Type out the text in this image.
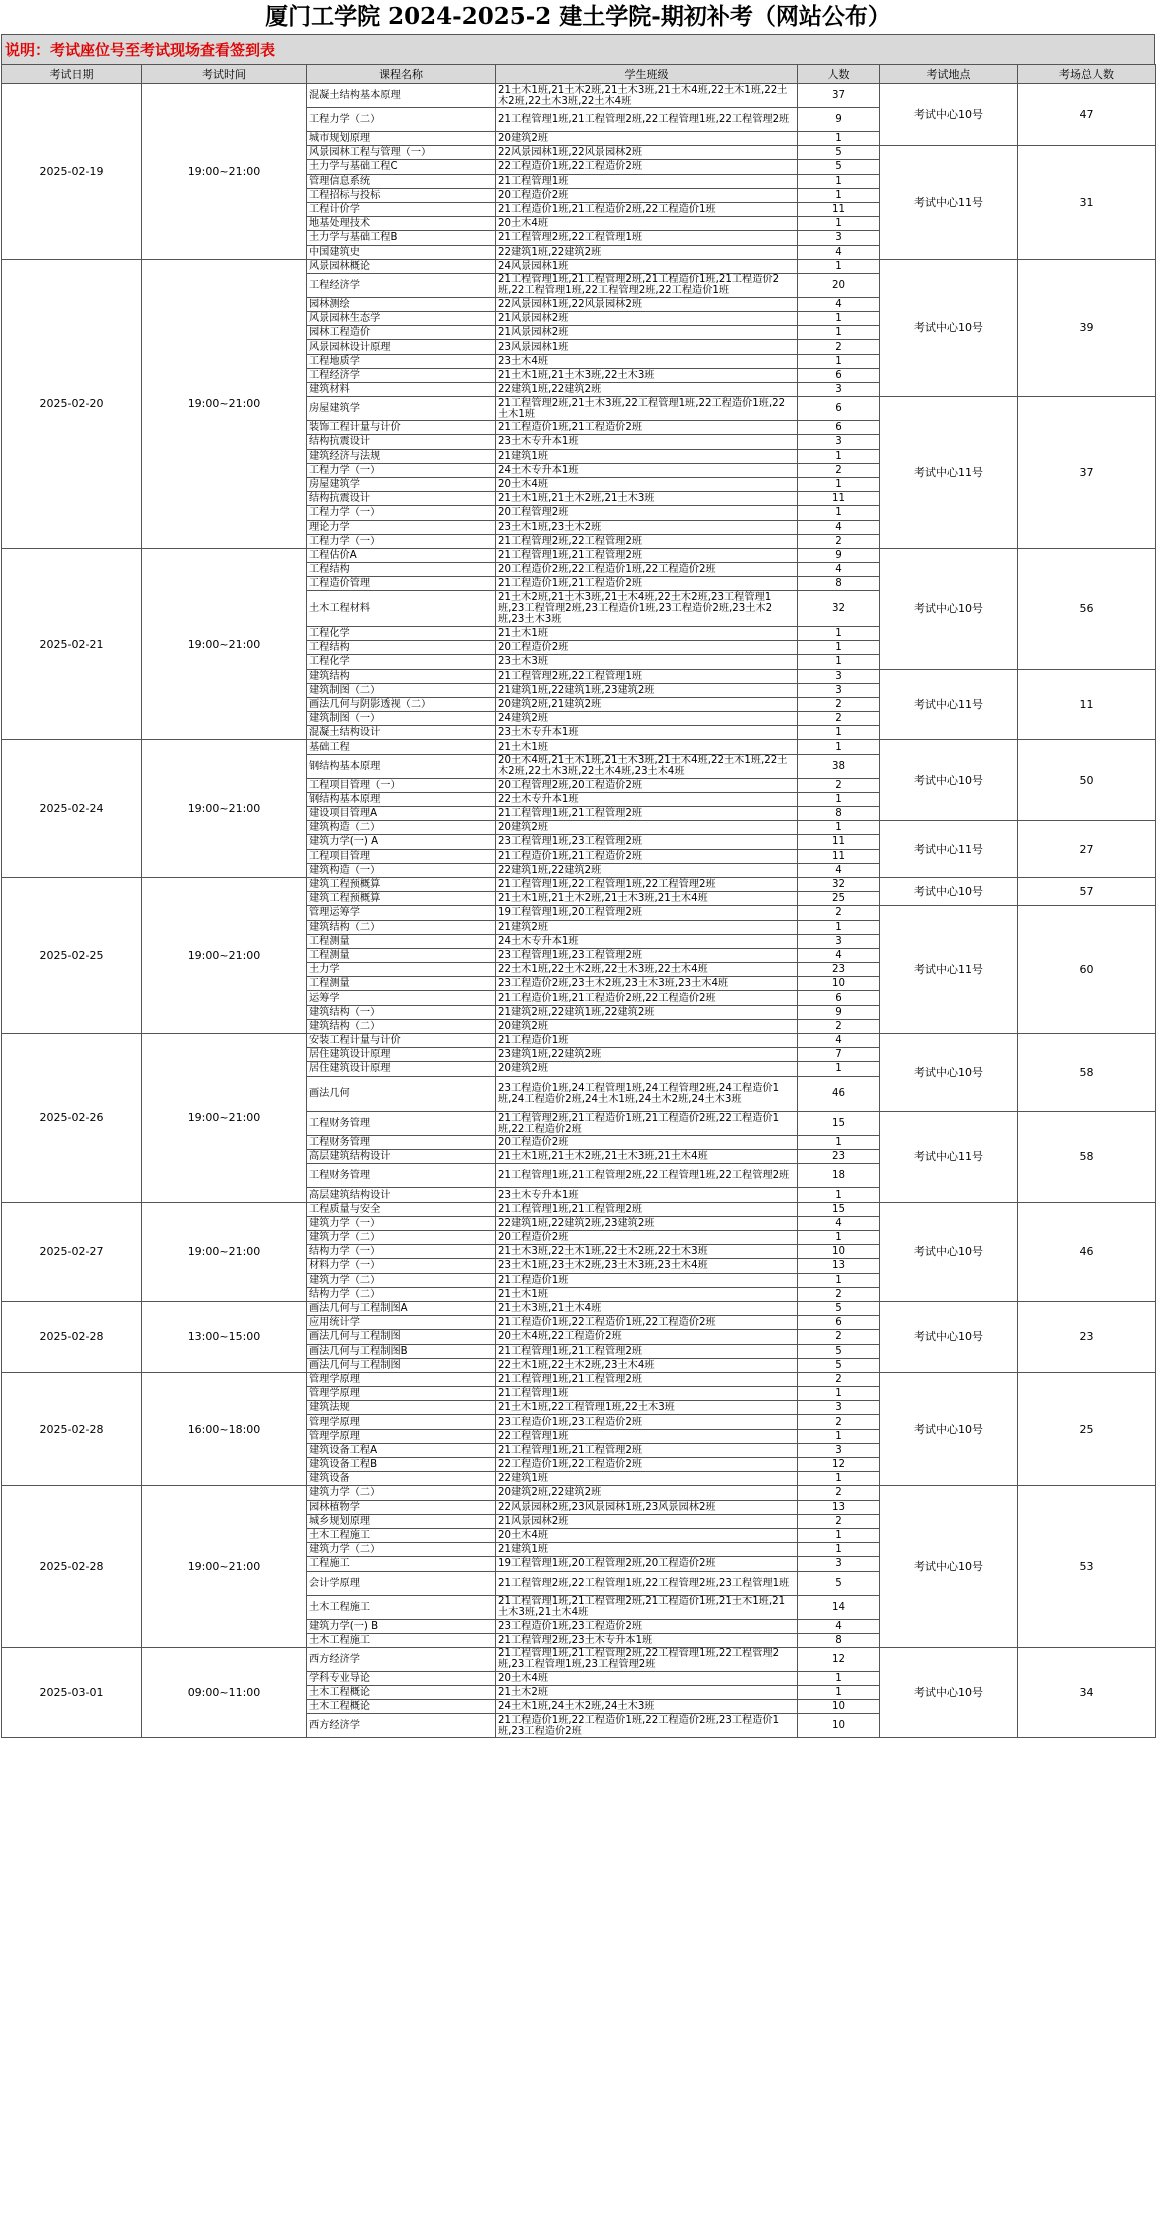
厦门工学院 2024-2025-2 建土学院-期初补考（网站公布）
说明：考试座位号至考试现场查看签到表
考试日期	考试时间	课程名称	学生班级	人数	考试地点	考场总人数
2025-02-19	19:00~21:00	混凝土结构基本原理	21土木1班,21土木2班,21土木3班,21土木4班,22土木1班,22土木2班,22土木3班,22土木4班	37	考试中心10号	47
		工程力学（二）	21工程管理1班,21工程管理2班,22工程管理1班,22工程管理2班	9		
		城市规划原理	20建筑2班	1		
		风景园林工程与管理（一）	22风景园林1班,22风景园林2班	5	考试中心11号	31
		土力学与基础工程C	22工程造价1班,22工程造价2班	5		
		管理信息系统	21工程管理1班	1		
		工程招标与投标	20工程造价2班	1		
		工程计价学	21工程造价1班,21工程造价2班,22工程造价1班	11		
		地基处理技术	20土木4班	1		
		土力学与基础工程B	21工程管理2班,22工程管理1班	3		
		中国建筑史	22建筑1班,22建筑2班	4		
2025-02-20	19:00~21:00	风景园林概论	24风景园林1班	1	考试中心10号	39
		工程经济学	21工程管理1班,21工程管理2班,21工程造价1班,21工程造价2班,22工程管理1班,22工程管理2班,22工程造价1班	20		
		园林测绘	22风景园林1班,22风景园林2班	4		
		风景园林生态学	21风景园林2班	1		
		园林工程造价	21风景园林2班	1		
		风景园林设计原理	23风景园林1班	2		
		工程地质学	23土木4班	1		
		工程经济学	21土木1班,21土木3班,22土木3班	6		
		建筑材料	22建筑1班,22建筑2班	3		
		房屋建筑学	21工程管理2班,21土木3班,22工程管理1班,22工程造价1班,22土木1班	6	考试中心11号	37
		装饰工程计量与计价	21工程造价1班,21工程造价2班	6		
		结构抗震设计	23土木专升本1班	3		
		建筑经济与法规	21建筑1班	1		
		工程力学（一）	24土木专升本1班	2		
		房屋建筑学	20土木4班	1		
		结构抗震设计	21土木1班,21土木2班,21土木3班	11		
		工程力学（一）	20工程管理2班	1		
		理论力学	23土木1班,23土木2班	4		
		工程力学（一）	21工程管理2班,22工程管理2班	2		
2025-02-21	19:00~21:00	工程估价A	21工程管理1班,21工程管理2班	9	考试中心10号	56
		工程结构	20工程造价2班,22工程造价1班,22工程造价2班	4		
		工程造价管理	21工程造价1班,21工程造价2班	8		
		土木工程材料	21土木2班,21土木3班,21土木4班,22土木2班,23工程管理1班,23工程管理2班,23工程造价1班,23工程造价2班,23土木2班,23土木3班	32		
		工程化学	21土木1班	1		
		工程结构	20工程造价2班	1		
		工程化学	23土木3班	1		
		建筑结构	21工程管理2班,22工程管理1班	3	考试中心11号	11
		建筑制图（二）	21建筑1班,22建筑1班,23建筑2班	3		
		画法几何与阴影透视（二）	20建筑2班,21建筑2班	2		
		建筑制图（一）	24建筑2班	2		
		混凝土结构设计	23土木专升本1班	1		
2025-02-24	19:00~21:00	基础工程	21土木1班	1	考试中心10号	50
		钢结构基本原理	20土木4班,21土木1班,21土木3班,21土木4班,22土木1班,22土木2班,22土木3班,22土木4班,23土木4班	38		
		工程项目管理（一）	20工程管理2班,20工程造价2班	2		
		钢结构基本原理	22土木专升本1班	1		
		建设项目管理A	21工程管理1班,21工程管理2班	8		
		建筑构造（二）	20建筑2班	1	考试中心11号	27
		建筑力学(一) A	23工程管理1班,23工程管理2班	11		
		工程项目管理	21工程造价1班,21工程造价2班	11		
		建筑构造（一）	22建筑1班,22建筑2班	4		
2025-02-25	19:00~21:00	建筑工程预概算	21工程管理1班,22工程管理1班,22工程管理2班	32	考试中心10号	57
		建筑工程预概算	21土木1班,21土木2班,21土木3班,21土木4班	25		
		管理运筹学	19工程管理1班,20工程管理2班	2	考试中心11号	60
		建筑结构（二）	21建筑2班	1		
		工程测量	24土木专升本1班	3		
		工程测量	23工程管理1班,23工程管理2班	4		
		土力学	22土木1班,22土木2班,22土木3班,22土木4班	23		
		工程测量	23工程造价2班,23土木2班,23土木3班,23土木4班	10		
		运筹学	21工程造价1班,21工程造价2班,22工程造价2班	6		
		建筑结构（一）	21建筑2班,22建筑1班,22建筑2班	9		
		建筑结构（二）	20建筑2班	2		
2025-02-26	19:00~21:00	安装工程计量与计价	21工程造价1班	4	考试中心10号	58
		居住建筑设计原理	23建筑1班,22建筑2班	7		
		居住建筑设计原理	20建筑2班	1		
		画法几何	23工程造价1班,24工程管理1班,24工程管理2班,24工程造价1班,24工程造价2班,24土木1班,24土木2班,24土木3班	46		
		工程财务管理	21工程管理2班,21工程造价1班,21工程造价2班,22工程造价1班,22工程造价2班	15	考试中心11号	58
		工程财务管理	20工程造价2班	1		
		高层建筑结构设计	21土木1班,21土木2班,21土木3班,21土木4班	23		
		工程财务管理	21工程管理1班,21工程管理2班,22工程管理1班,22工程管理2班	18		
		高层建筑结构设计	23土木专升本1班	1		
2025-02-27	19:00~21:00	工程质量与安全	21工程管理1班,21工程管理2班	15	考试中心10号	46
		建筑力学（一）	22建筑1班,22建筑2班,23建筑2班	4		
		建筑力学（二）	20工程造价2班	1		
		结构力学（一）	21土木3班,22土木1班,22土木2班,22土木3班	10		
		材料力学（一）	23土木1班,23土木2班,23土木3班,23土木4班	13		
		建筑力学（二）	21工程造价1班	1		
		结构力学（二）	21土木1班	2		
2025-02-28	13:00~15:00	画法几何与工程制图A	21土木3班,21土木4班	5	考试中心10号	23
		应用统计学	21工程造价1班,22工程造价1班,22工程造价2班	6		
		画法几何与工程制图	20土木4班,22工程造价2班	2		
		画法几何与工程制图B	21工程管理1班,21工程管理2班	5		
		画法几何与工程制图	22土木1班,22土木2班,23土木4班	5		
2025-02-28	16:00~18:00	管理学原理	21工程管理1班,21工程管理2班	2	考试中心10号	25
		管理学原理	21工程管理1班	1		
		建筑法规	21土木1班,22工程管理1班,22土木3班	3		
		管理学原理	23工程造价1班,23工程造价2班	2		
		管理学原理	22工程管理1班	1		
		建筑设备工程A	21工程管理1班,21工程管理2班	3		
		建筑设备工程B	22工程造价1班,22工程造价2班	12		
		建筑设备	22建筑1班	1		
2025-02-28	19:00~21:00	建筑力学（二）	20建筑2班,22建筑2班	2	考试中心10号	53
		园林植物学	22风景园林2班,23风景园林1班,23风景园林2班	13		
		城乡规划原理	21风景园林2班	2		
		土木工程施工	20土木4班	1		
		建筑力学（二）	21建筑1班	1		
		工程施工	19工程管理1班,20工程管理2班,20工程造价2班	3		
		会计学原理	21工程管理2班,22工程管理1班,22工程管理2班,23工程管理1班	5		
		土木工程施工	21工程管理1班,21工程管理2班,21工程造价1班,21土木1班,21土木3班,21土木4班	14		
		建筑力学(一) B	23工程造价1班,23工程造价2班	4		
		土木工程施工	21工程管理2班,23土木专升本1班	8		
2025-03-01	09:00~11:00	西方经济学	21工程管理1班,21工程管理2班,22工程管理1班,22工程管理2班,23工程管理1班,23工程管理2班	12	考试中心10号	34
		学科专业导论	20土木4班	1		
		土木工程概论	21土木2班	1		
		土木工程概论	24土木1班,24土木2班,24土木3班	10		
		西方经济学	21工程造价1班,22工程造价1班,22工程造价2班,23工程造价1班,23工程造价2班	10		
